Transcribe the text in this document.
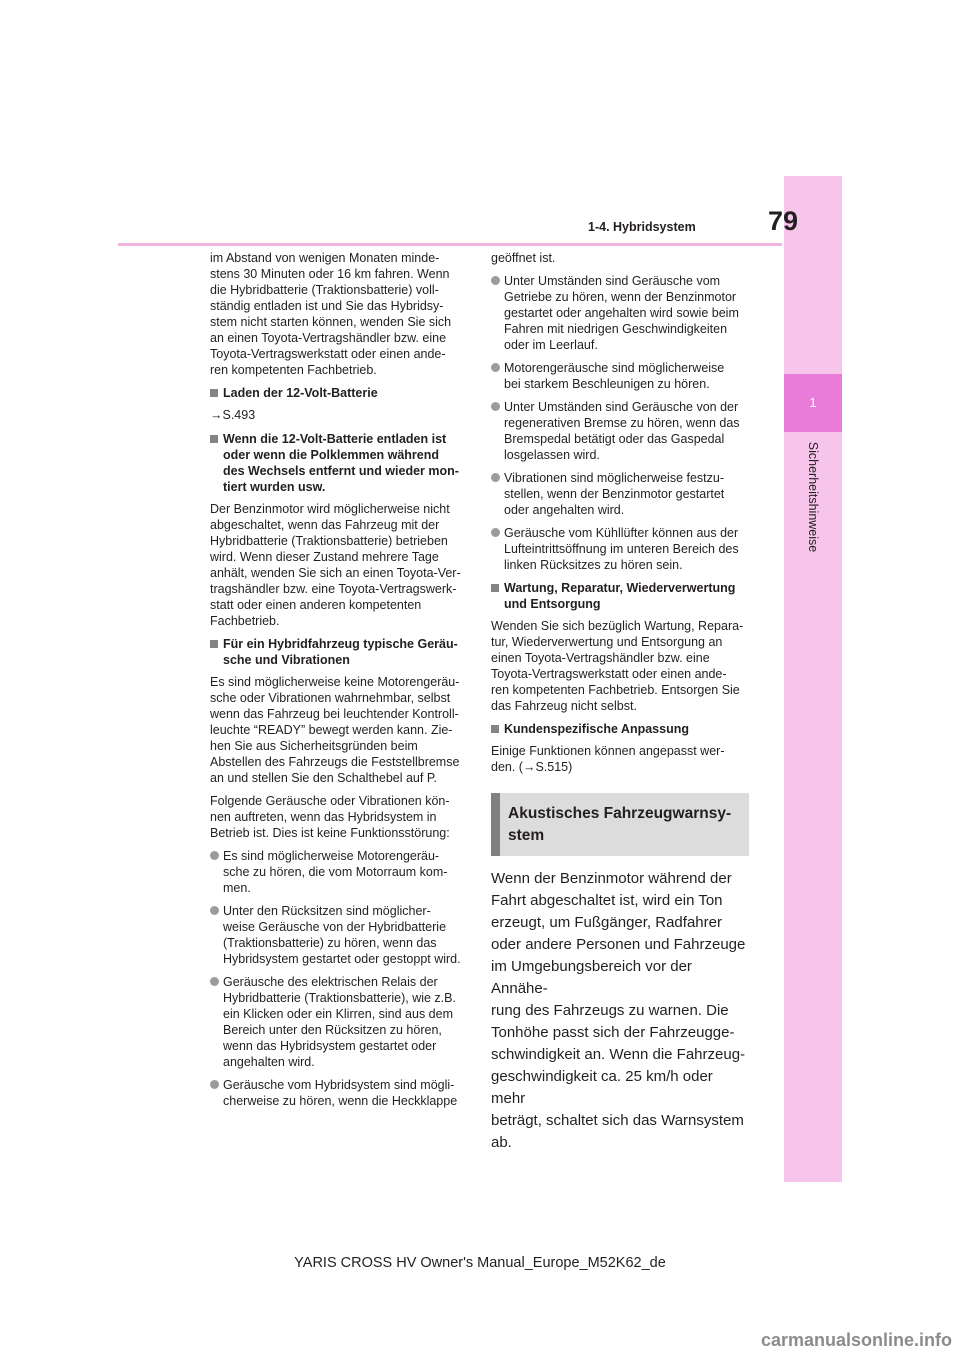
1
Sicherheitshinweise
79
1-4. Hybridsystem

im Abstand von wenigen Monaten minde-
stens 30 Minuten oder 16 km fahren. Wenn
die Hybridbatterie (Traktionsbatterie) voll-
ständig entladen ist und Sie das Hybridsy-
stem nicht starten können, wenden Sie sich
an einen Toyota-Vertragshändler bzw. eine
Toyota-Vertragswerkstatt oder einen ande-
ren kompetenten Fachbetrieb.

Laden der 12-Volt-Batterie

→S.493

Wenn die 12-Volt-Batterie entladen ist
oder wenn die Polklemmen während
des Wechsels entfernt und wieder mon-
tiert wurden usw.

Der Benzinmotor wird möglicherweise nicht
abgeschaltet, wenn das Fahrzeug mit der
Hybridbatterie (Traktionsbatterie) betrieben
wird. Wenn dieser Zustand mehrere Tage
anhält, wenden Sie sich an einen Toyota-Ver-
tragshändler bzw. eine Toyota-Vertragswerk-
statt oder einen anderen kompetenten
Fachbetrieb.

Für ein Hybridfahrzeug typische Geräu-
sche und Vibrationen

Es sind möglicherweise keine Motorengeräu-
sche oder Vibrationen wahrnehmbar, selbst
wenn das Fahrzeug bei leuchtender Kontroll-
leuchte “READY” bewegt werden kann. Zie-
hen Sie aus Sicherheitsgründen beim
Abstellen des Fahrzeugs die Feststellbremse
an und stellen Sie den Schalthebel auf P.

Folgende Geräusche oder Vibrationen kön-
nen auftreten, wenn das Hybridsystem in
Betrieb ist. Dies ist keine Funktionsstörung:

Es sind möglicherweise Motorengeräu-
sche zu hören, die vom Motorraum kom-
men.

Unter den Rücksitzen sind möglicher-
weise Geräusche von der Hybridbatterie
(Traktionsbatterie) zu hören, wenn das
Hybridsystem gestartet oder gestoppt wird.

Geräusche des elektrischen Relais der
Hybridbatterie (Traktionsbatterie), wie z.B.
ein Klicken oder ein Klirren, sind aus dem
Bereich unter den Rücksitzen zu hören,
wenn das Hybridsystem gestartet oder
angehalten wird.

Geräusche vom Hybridsystem sind mögli-
cherweise zu hören, wenn die Heckklappe

geöffnet ist.

Unter Umständen sind Geräusche vom
Getriebe zu hören, wenn der Benzinmotor
gestartet oder angehalten wird sowie beim
Fahren mit niedrigen Geschwindigkeiten
oder im Leerlauf.

Motorengeräusche sind möglicherweise
bei starkem Beschleunigen zu hören.

Unter Umständen sind Geräusche von der
regenerativen Bremse zu hören, wenn das
Bremspedal betätigt oder das Gaspedal
losgelassen wird.

Vibrationen sind möglicherweise festzu-
stellen, wenn der Benzinmotor gestartet
oder angehalten wird.

Geräusche vom Kühllüfter können aus der
Lufteintrittsöffnung im unteren Bereich des
linken Rücksitzes zu hören sein.

Wartung, Reparatur, Wiederverwertung
und Entsorgung

Wenden Sie sich bezüglich Wartung, Repara-
tur, Wiederverwertung und Entsorgung an
einen Toyota-Vertragshändler bzw. eine
Toyota-Vertragswerkstatt oder einen ande-
ren kompetenten Fachbetrieb. Entsorgen Sie
das Fahrzeug nicht selbst.

Kundenspezifische Anpassung

Einige Funktionen können angepasst wer-
den. (→S.515)

Akustisches Fahrzeugwarnsy-
stem

Wenn der Benzinmotor während der
Fahrt abgeschaltet ist, wird ein Ton
erzeugt, um Fußgänger, Radfahrer
oder andere Personen und Fahrzeuge
im Umgebungsbereich vor der Annähe-
rung des Fahrzeugs zu warnen. Die
Tonhöhe passt sich der Fahrzeugge-
schwindigkeit an. Wenn die Fahrzeug-
geschwindigkeit ca. 25 km/h oder mehr
beträgt, schaltet sich das Warnsystem
ab.

YARIS CROSS HV Owner's Manual_Europe_M52K62_de
carmanualsonline.info
